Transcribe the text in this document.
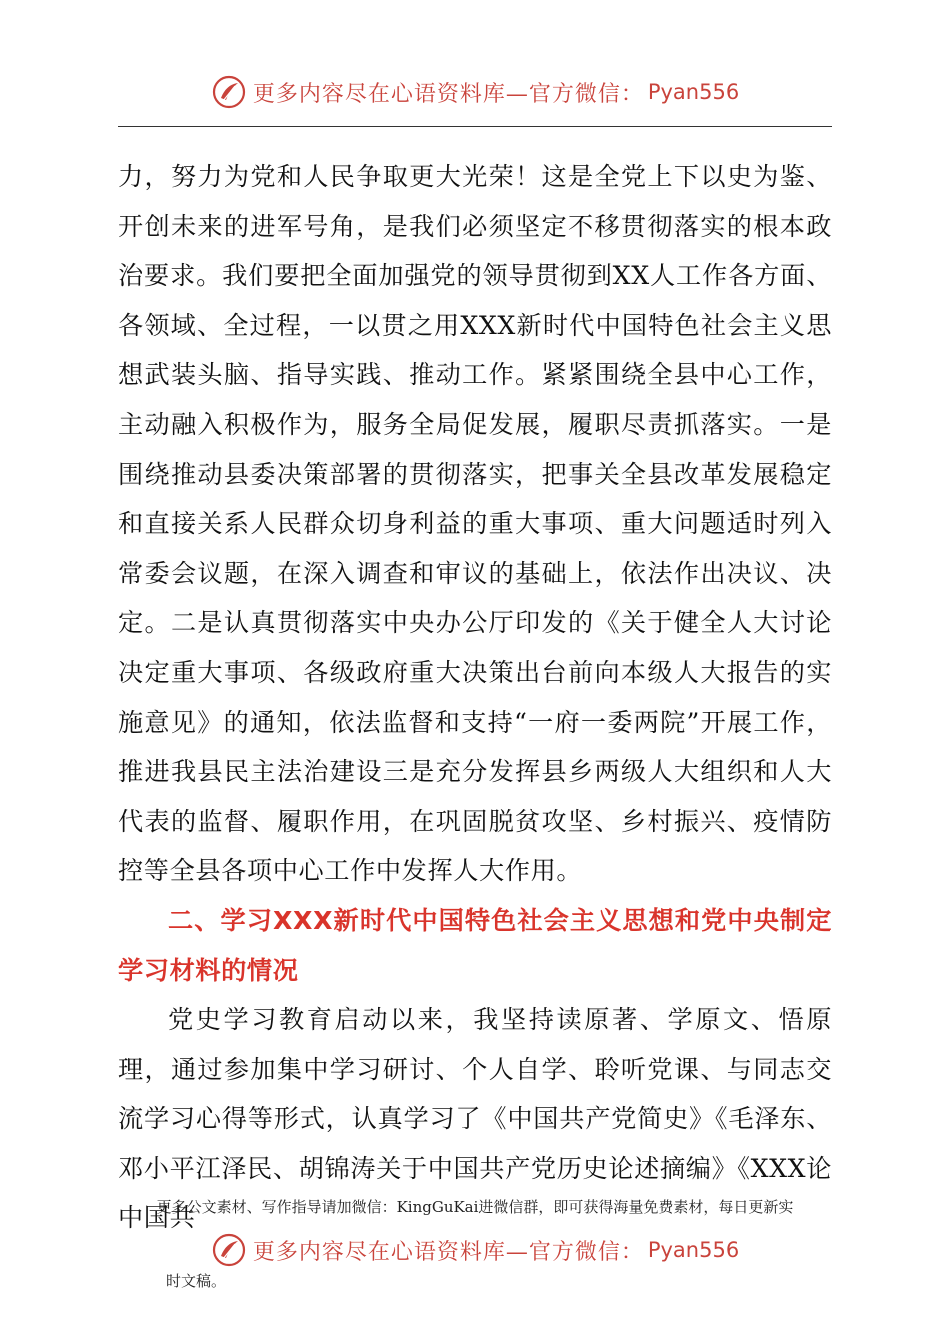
更多内容尽在心语资料库—官方微信： Pyan556

力，努力为党和人民争取更大光荣！这是全党上下以史为鉴、开创未来的进军号角，是我们必须坚定不移贯彻落实的根本政治要求。我们要把全面加强党的领导贯彻到XX人工作各方面、各领域、全过程，一以贯之用XXX新时代中国特色社会主义思想武装头脑、指导实践、推动工作。紧紧围绕全县中心工作，主动融入积极作为，服务全局促发展，履职尽责抓落实。一是围绕推动县委决策部署的贯彻落实，把事关全县改革发展稳定和直接关系人民群众切身利益的重大事项、重大问题适时列入常委会议题，在深入调查和审议的基础上，依法作出决议、决定。二是认真贯彻落实中央办公厅印发的《关于健全人大讨论决定重大事项、各级政府重大决策出台前向本级人大报告的实施意见》的通知，依法监督和支持“一府一委两院”开展工作，推进我县民主法治建设三是充分发挥县乡两级人大组织和人大代表的监督、履职作用，在巩固脱贫攻坚、乡村振兴、疫情防控等全县各项中心工作中发挥人大作用。

二、学习XXX新时代中国特色社会主义思想和党中央制定学习材料的情况

党史学习教育启动以来，我坚持读原著、学原文、悟原理，通过参加集中学习研讨、个人自学、聆听党课、与同志交流学习心得等形式，认真学习了《中国共产党简史》《毛泽东、邓小平江泽民、胡锦涛关于中国共产党历史论述摘编》《XXX论中国共

更多公文素材、写作指导请加微信：KingGuKai进微信群，即可获得海量免费素材，每日更新实
更多内容尽在心语资料库—官方微信： Pyan556
时文稿。
